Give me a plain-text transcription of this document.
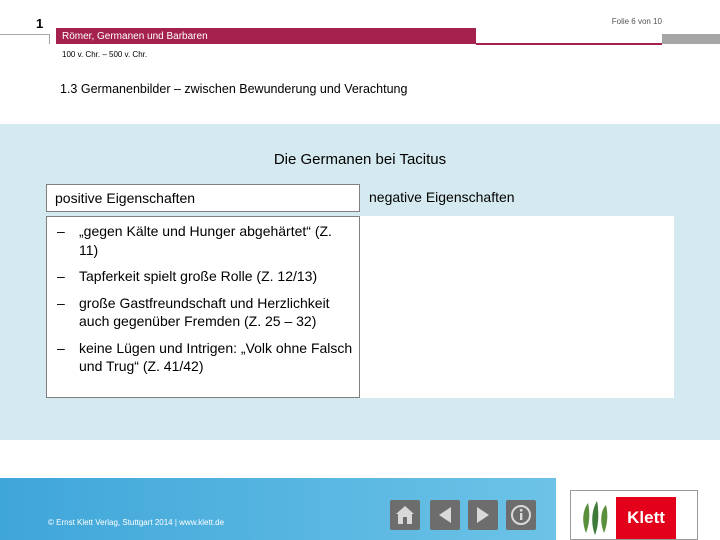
1	Folie 6 von 10
Römer, Germanen und Barbaren
100 v. Chr. – 500 v. Chr.
1.3 Germanenbilder – zwischen Bewunderung und Verachtung
Die Germanen bei Tacitus
positive Eigenschaften	negative Eigenschaften
– „gegen Kälte und Hunger abgehärtet“ (Z. 11)
– Tapferkeit spielt große Rolle (Z. 12/13)
– große Gastfreundschaft und Herzlichkeit auch gegenüber Fremden (Z. 25 – 32)
– keine Lügen und Intrigen: „Volk ohne Falsch und Trug“ (Z. 41/42)
© Ernst Klett Verlag, Stuttgart 2014 | www.klett.de	Klett
